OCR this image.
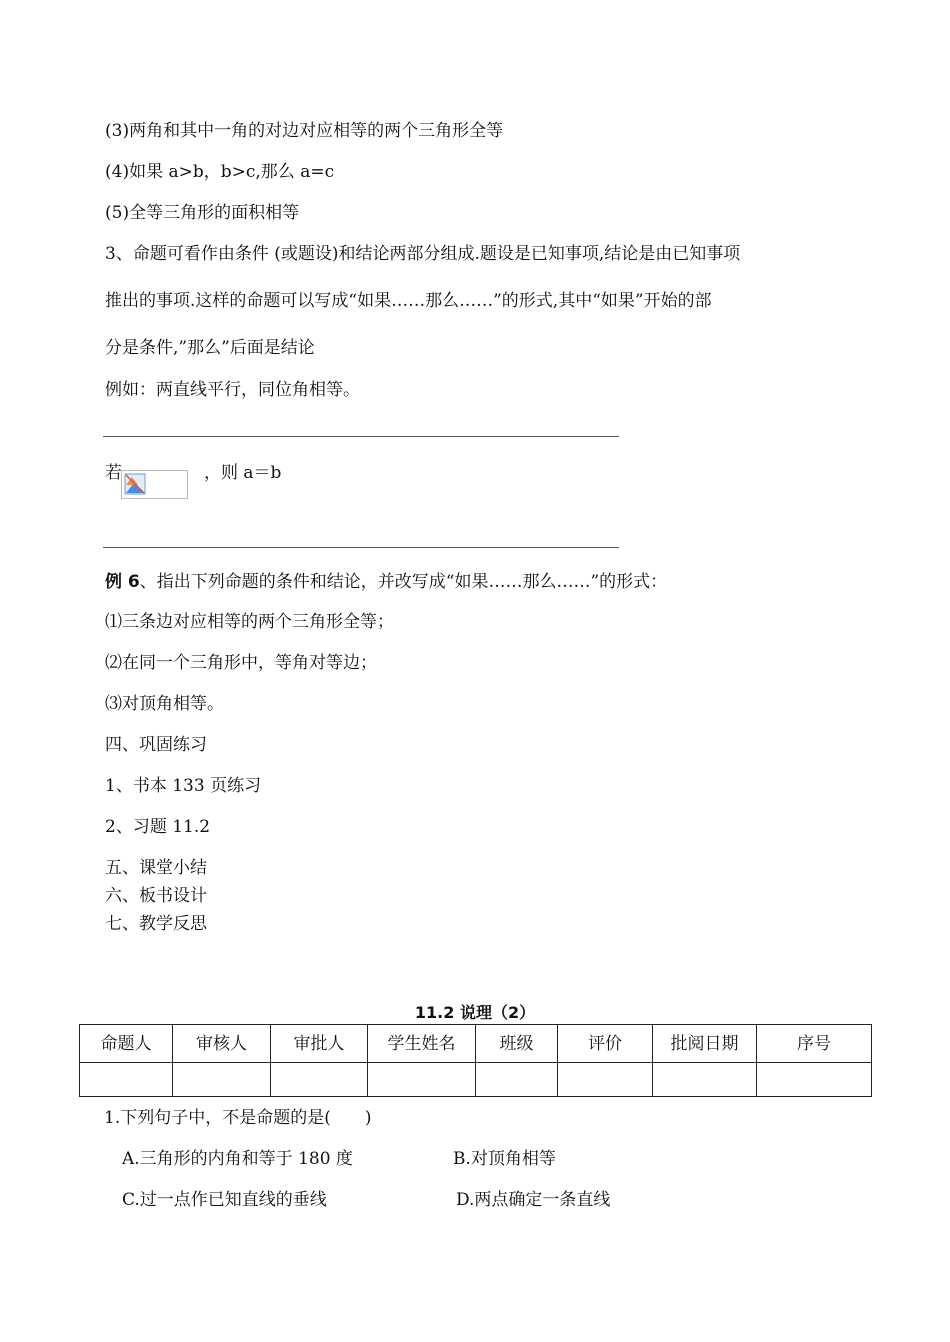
(3)两角和其中一角的对边对应相等的两个三角形全等
(4)如果 a>b，b>c,那么 a=c
(5)全等三角形的面积相等
3、命题可看作由条件 (或题设)和结论两部分组成.题设是已知事项,结论是由已知事项
推出的事项.这样的命题可以写成“如果……那么……”的形式,其中“如果”开始的部
分是条件,”那么”后面是结论
例如：两直线平行，同位角相等。
若	，则 a＝b
例 6、指出下列命题的条件和结论，并改写成“如果……那么……”的形式：
⑴三条边对应相等的两个三角形全等；
⑵在同一个三角形中，等角对等边；
⑶对顶角相等。
四、巩固练习
1、书本 133 页练习
2、习题 11.2
五、课堂小结
六、板书设计
七、教学反思
11.2 说理（2）
命题人	审核人	审批人	学生姓名	班级	评价	批阅日期	序号

1.下列句子中，不是命题的是(　　)
A.三角形的内角和等于 180 度	B.对顶角相等
C.过一点作已知直线的垂线	D.两点确定一条直线
